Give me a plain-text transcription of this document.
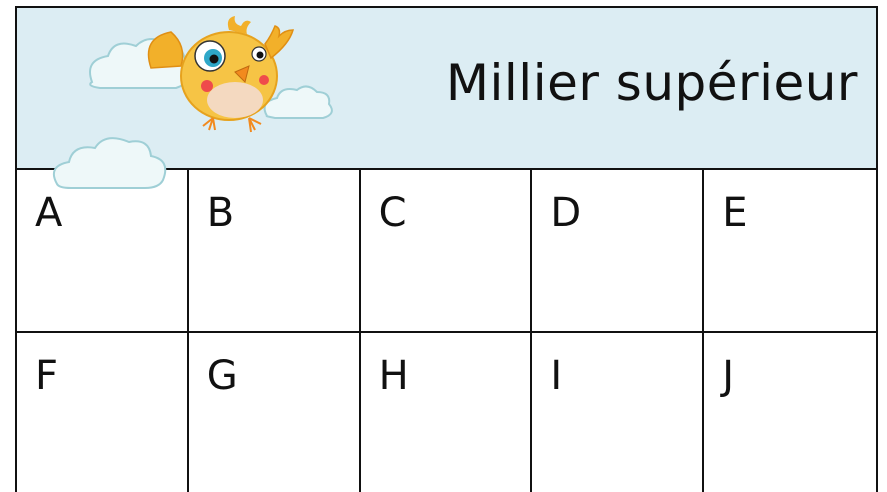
Millier supérieur
A	B	C	D	E
F	G	H	I	J
